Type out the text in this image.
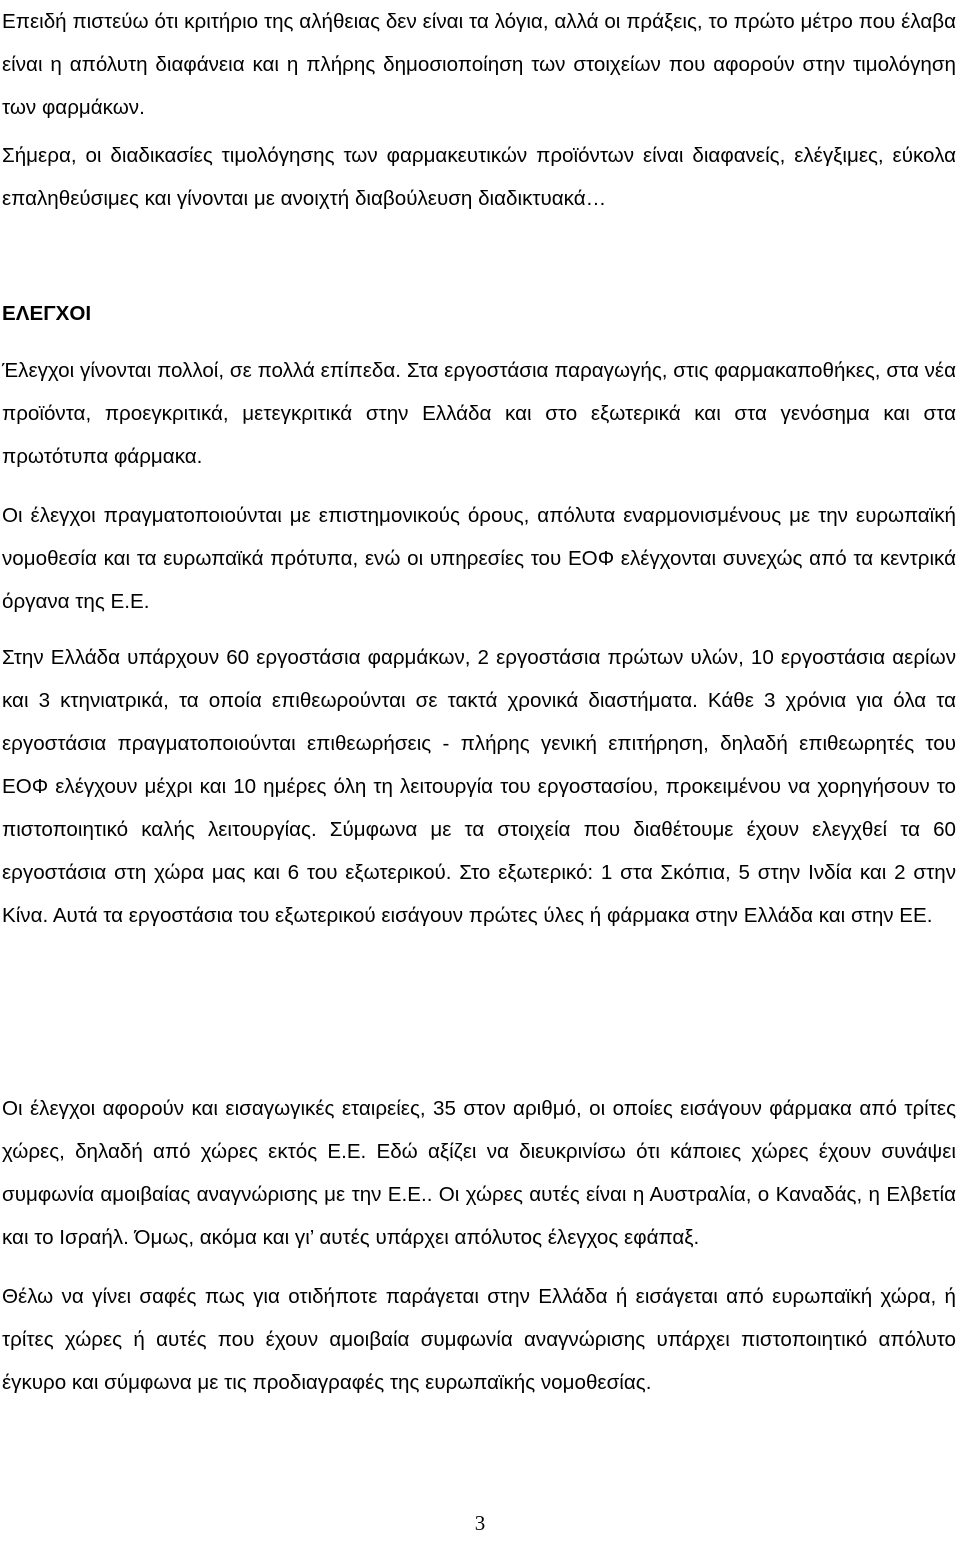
Επειδή πιστεύω ότι κριτήριο της αλήθειας δεν είναι τα λόγια, αλλά οι πράξεις, το πρώτο μέτρο που έλαβα είναι η απόλυτη διαφάνεια και η πλήρης δημοσιοποίηση των στοιχείων που αφορούν στην τιμολόγηση των φαρμάκων.

Σήμερα, οι διαδικασίες τιμολόγησης των φαρμακευτικών προϊόντων είναι διαφανείς, ελέγξιμες, εύκολα επαληθεύσιμες και γίνονται με ανοιχτή διαβούλευση διαδικτυακά…

ΕΛΕΓΧΟΙ

Έλεγχοι γίνονται πολλοί, σε πολλά επίπεδα. Στα εργοστάσια παραγωγής, στις φαρμακαποθήκες, στα νέα προϊόντα, προεγκριτικά, μετεγκριτικά στην Ελλάδα και στο εξωτερικά και στα γενόσημα και στα πρωτότυπα φάρμακα.

Οι έλεγχοι πραγματοποιούνται με επιστημονικούς όρους, απόλυτα εναρμονισμένους με την ευρωπαϊκή νομοθεσία και τα ευρωπαϊκά πρότυπα, ενώ οι υπηρεσίες του ΕΟΦ ελέγχονται συνεχώς από τα κεντρικά όργανα της Ε.Ε.

Στην Ελλάδα υπάρχουν 60 εργοστάσια φαρμάκων, 2 εργοστάσια πρώτων υλών, 10 εργοστάσια αερίων και 3 κτηνιατρικά, τα οποία επιθεωρούνται σε τακτά χρονικά διαστήματα. Κάθε 3 χρόνια για όλα τα εργοστάσια πραγματοποιούνται επιθεωρήσεις - πλήρης γενική επιτήρηση, δηλαδή επιθεωρητές του ΕΟΦ ελέγχουν μέχρι και 10 ημέρες όλη τη λειτουργία του εργοστασίου, προκειμένου να χορηγήσουν το πιστοποιητικό καλής λειτουργίας. Σύμφωνα με τα στοιχεία που διαθέτουμε έχουν ελεγχθεί τα 60 εργοστάσια στη χώρα μας και 6 του εξωτερικού. Στο εξωτερικό: 1 στα Σκόπια, 5 στην Ινδία και 2 στην Κίνα. Αυτά τα εργοστάσια του εξωτερικού εισάγουν πρώτες ύλες ή φάρμακα στην Ελλάδα και στην ΕΕ.

Οι έλεγχοι αφορούν και εισαγωγικές εταιρείες, 35 στον αριθμό, οι οποίες εισάγουν φάρμακα από τρίτες χώρες, δηλαδή από χώρες εκτός Ε.Ε. Εδώ αξίζει να διευκρινίσω ότι κάποιες χώρες έχουν συνάψει συμφωνία αμοιβαίας αναγνώρισης με την Ε.Ε.. Οι χώρες αυτές είναι η Αυστραλία, ο Καναδάς, η Ελβετία και το Ισραήλ. Όμως, ακόμα και γι’ αυτές υπάρχει απόλυτος έλεγχος εφάπαξ.

Θέλω να γίνει σαφές πως για οτιδήποτε παράγεται στην Ελλάδα ή εισάγεται από ευρωπαϊκή χώρα, ή τρίτες χώρες ή αυτές που έχουν αμοιβαία συμφωνία αναγνώρισης υπάρχει πιστοποιητικό απόλυτο έγκυρο και σύμφωνα με τις προδιαγραφές της ευρωπαϊκής νομοθεσίας.

3
